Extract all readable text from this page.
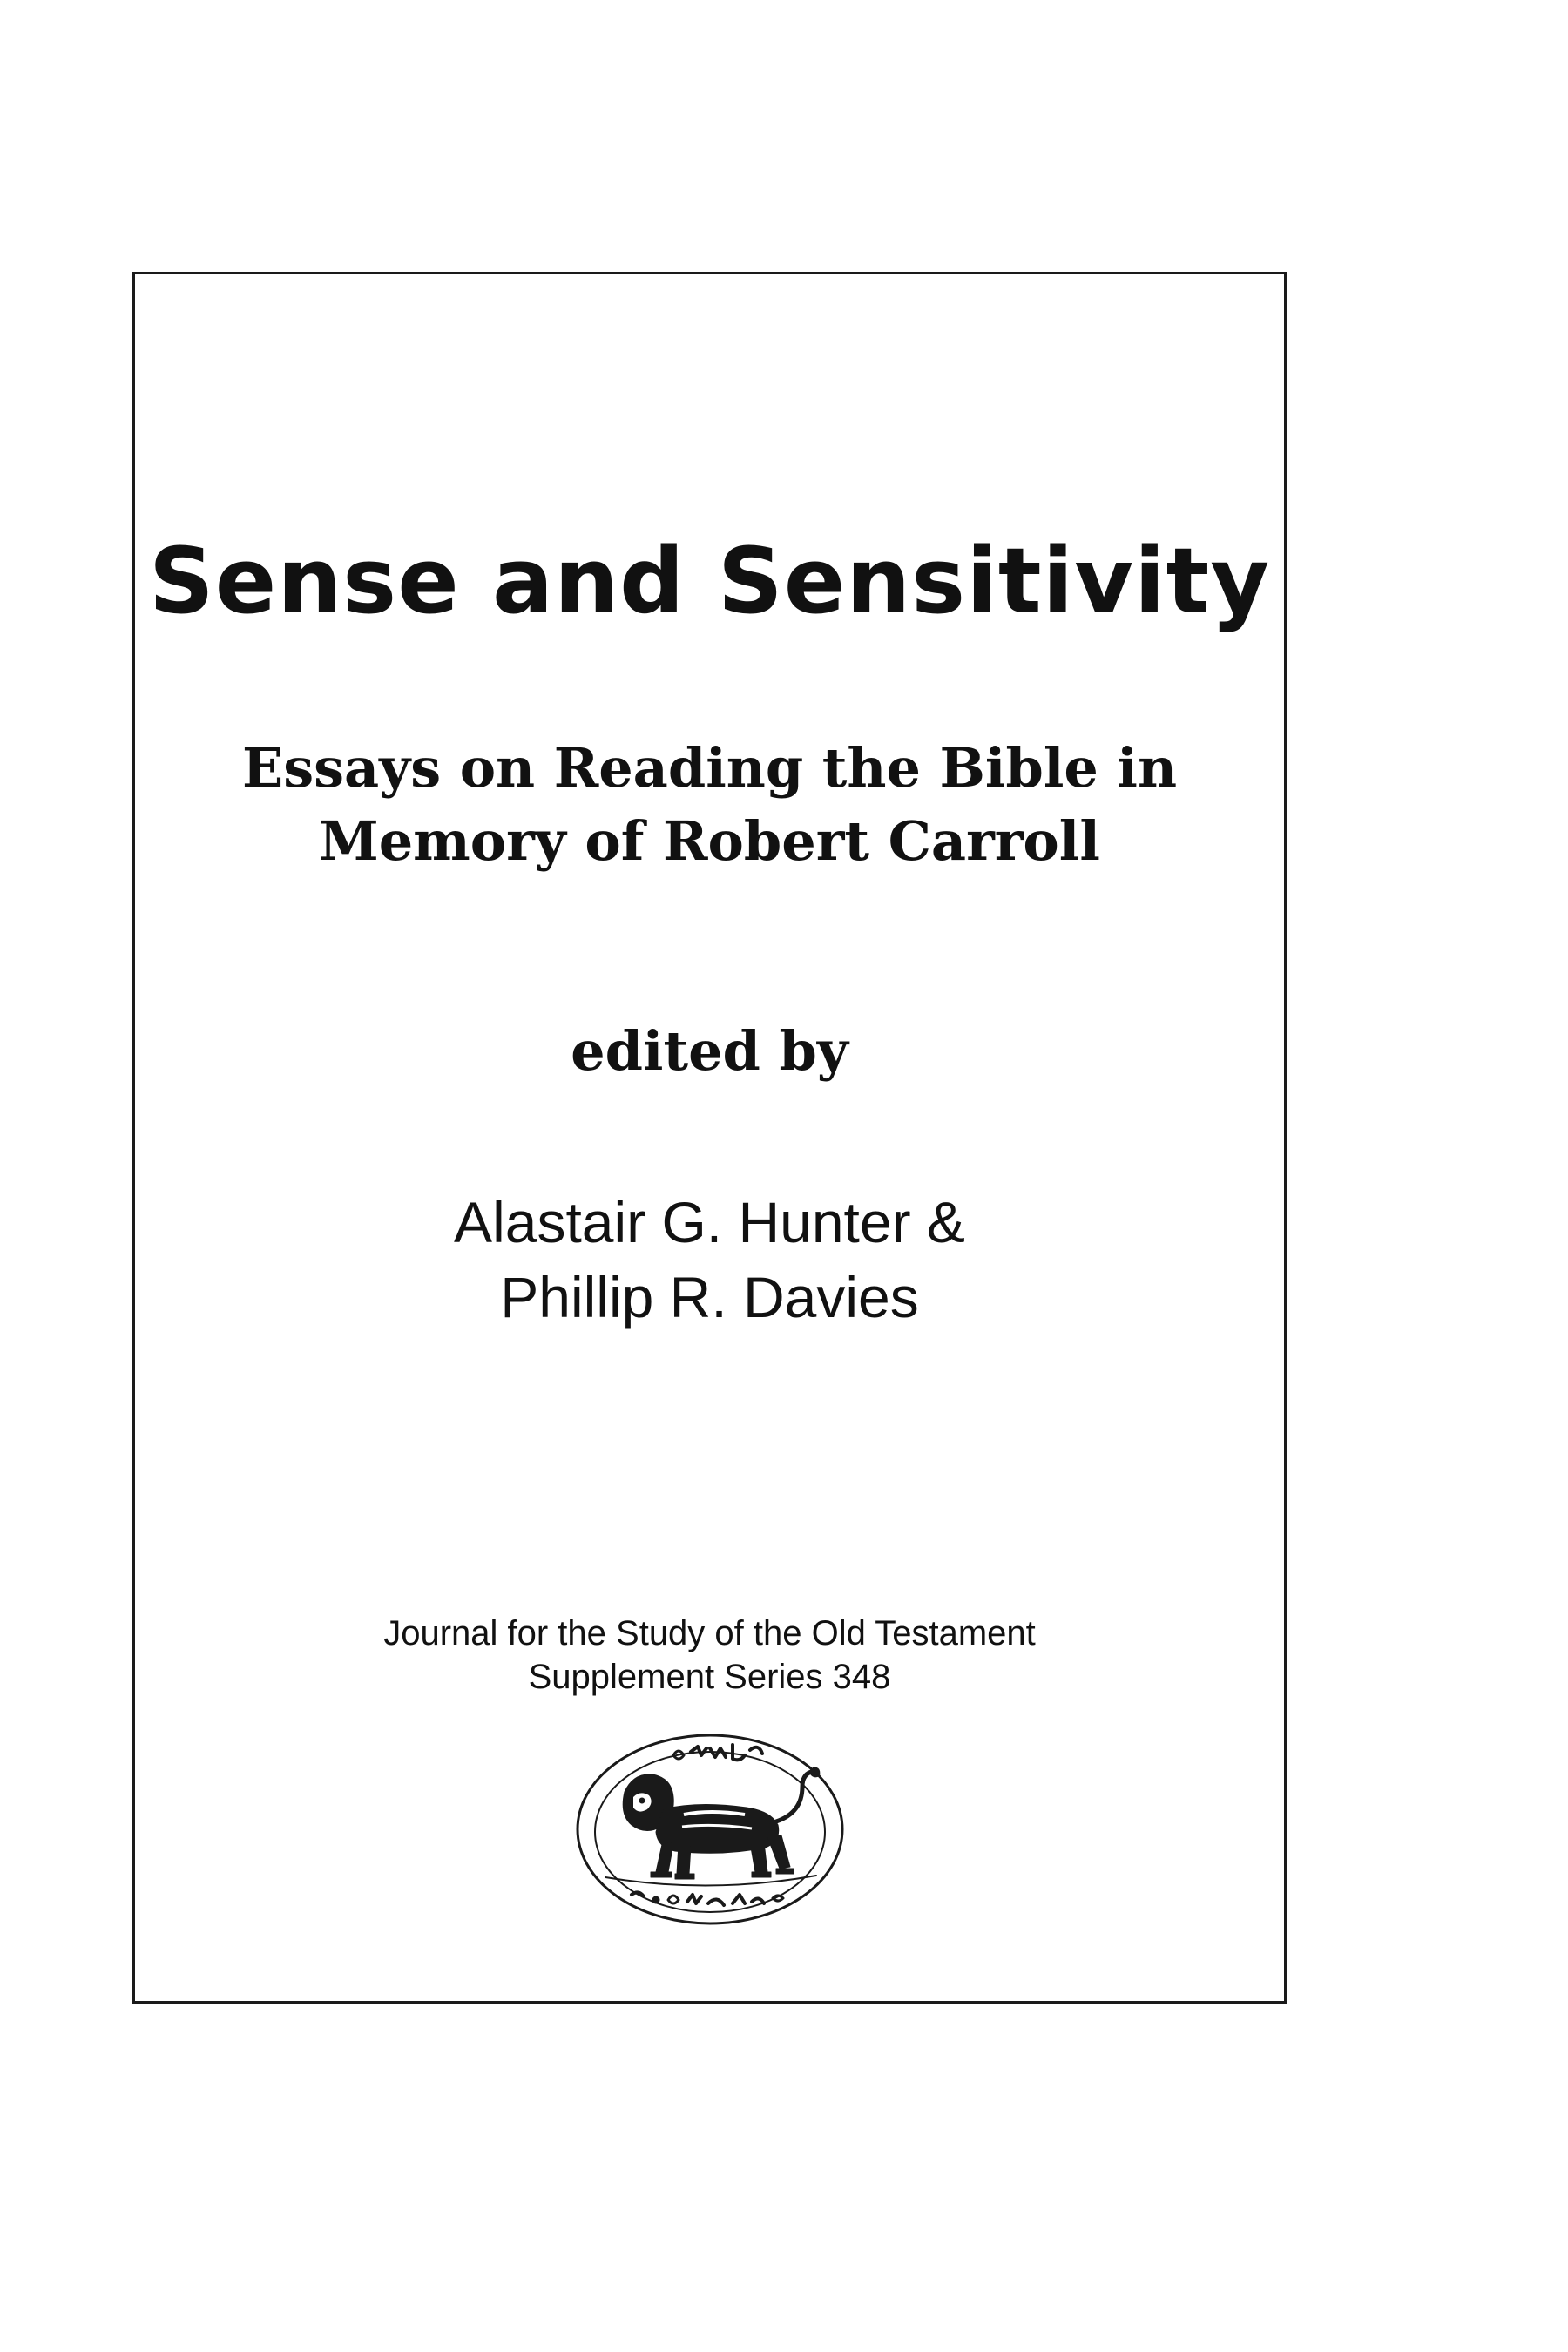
Sense and Sensitivity
Essays on Reading the Bible in
Memory of Robert Carroll
edited by
Alastair G. Hunter &
Phillip R. Davies
Journal for the Study of the Old Testament
Supplement Series 348
